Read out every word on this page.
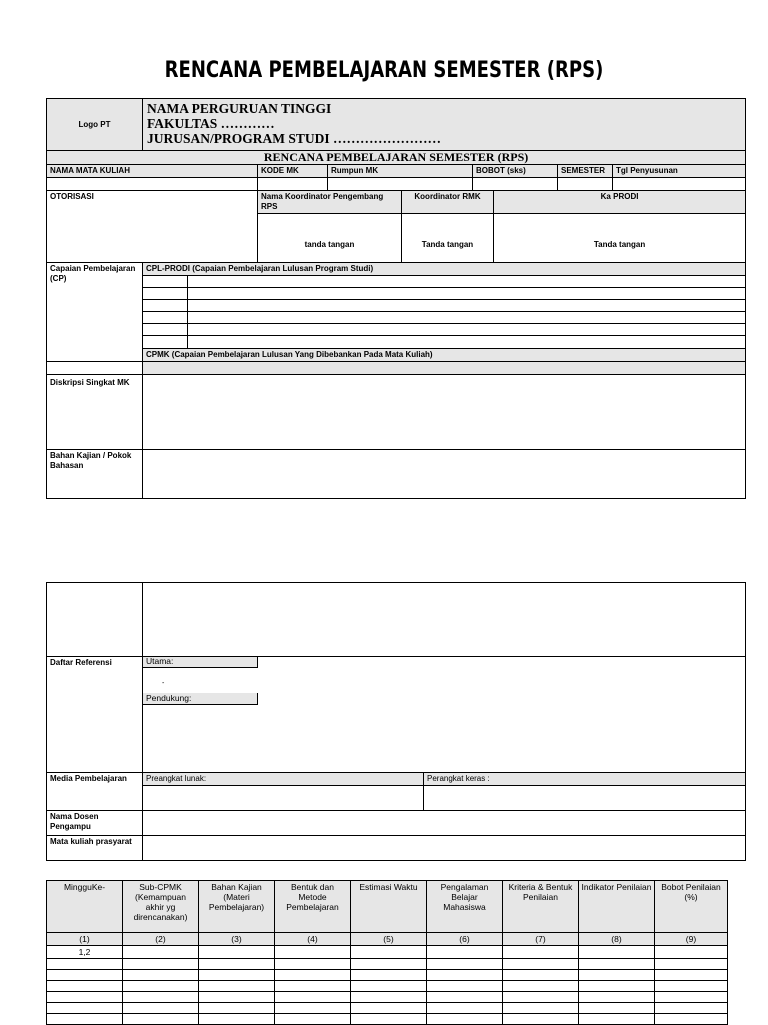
RENCANA PEMBELAJARAN SEMESTER (RPS)
Logo PT	NAMA PERGURUAN TINGGI
FAKULTAS …………
JURUSAN/PROGRAM STUDI ……………………								

RENCANA PEMBELAJARAN SEMESTER (RPS)									
NAMA MATA KULIAH			KODE MK	Rumpun MK		BOBOT (sks)		SEMESTER	Tgl Penyusunan

OTORISASI			Nama Koordinator Pengembang RPS		Koordinator RMK		Ka PRODI		
			tanda tangan		Tanda tangan		Tanda tangan		
Capaian Pembelajaran (CP)	CPL-PRODI (Capaian Pembelajaran Lulusan Program Studi)								

	CPMK (Capaian Pembelajaran Lulusan Yang Dibebankan Pada Mata Kuliah)								

Diskripsi Singkat MK									
Bahan Kajian / Pokok Bahasan									

Daftar Referensi	Utama:
-
Pendukung:	

Media Pembelajaran	Preangkat lunak:	Perangkat keras :

Nama Dosen Pengampu		
Mata kuliah prasyarat		
MingguKe-	Sub-CPMK (Kemampuan akhir yg direncanakan)	Bahan Kajian (Materi Pembelajaran)	Bentuk dan Metode Pembelajaran	Estimasi Waktu	Pengalaman Belajar Mahasiswa	Kriteria & Bentuk Penilaian	Indikator Penilaian	Bobot Penilaian (%)
(1)	(2)	(3)	(4)	(5)	(6)	(7)	(8)	(9)
1,2								
